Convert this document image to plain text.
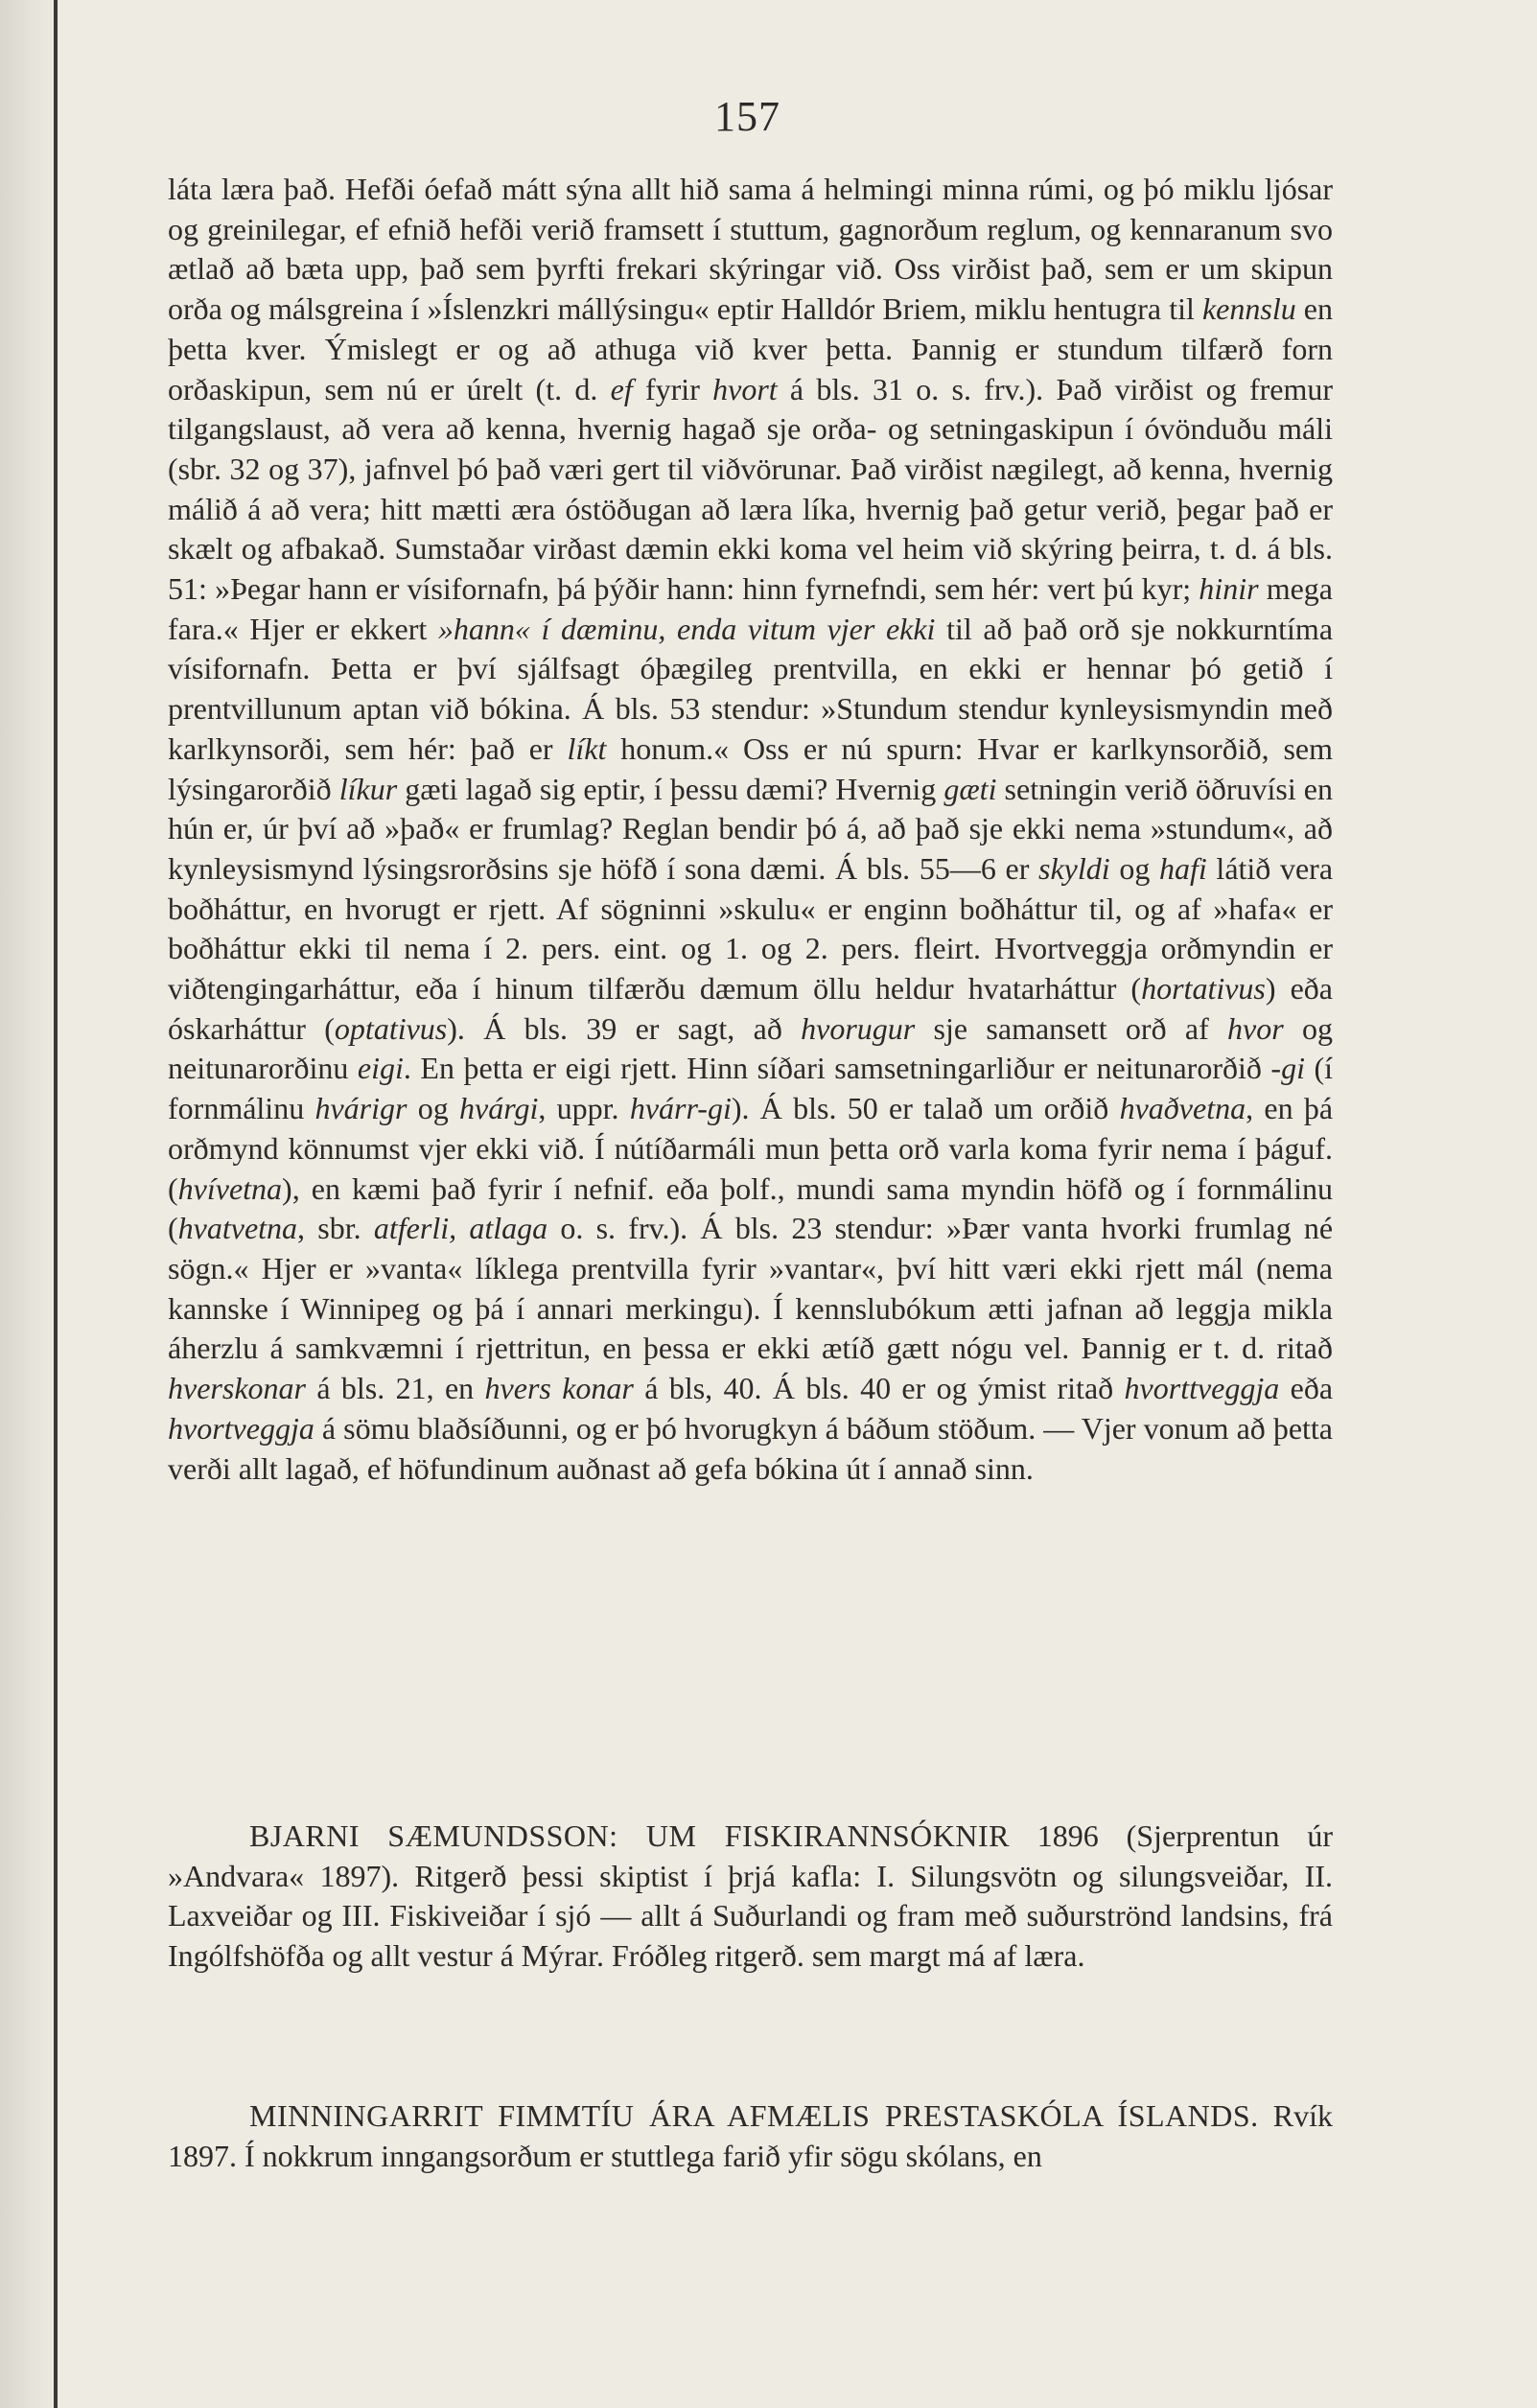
157

láta læra það. Hefði óefað mátt sýna allt hið sama á helmingi minna rúmi, og þó miklu ljósar og greinilegar, ef efnið hefði verið framsett í stuttum, gagnorðum reglum, og kennaranum svo ætlað að bæta upp, það sem þyrfti frekari skýringar við. Oss virðist það, sem er um skipun orða og málsgreina í »Íslenzkri mállýsingu« eptir Halldór Briem, miklu hentugra til kennslu en þetta kver. Ýmislegt er og að athuga við kver þetta. Þannig er stundum tilfærð forn orðaskipun, sem nú er úrelt (t. d. ef fyrir hvort á bls. 31 o. s. frv.). Það virðist og fremur tilgangslaust, að vera að kenna, hvernig hagað sje orða- og setningaskipun í óvönduðu máli (sbr. 32 og 37), jafnvel þó það væri gert til viðvörunar. Það virðist nægilegt, að kenna, hvernig málið á að vera; hitt mætti æra óstöðugan að læra líka, hvernig það getur verið, þegar það er skælt og afbakað. Sumstaðar virðast dæmin ekki koma vel heim við skýring þeirra, t. d. á bls. 51: »Þegar hann er vísifornafn, þá þýðir hann: hinn fyrnefndi, sem hér: vert þú kyr; hinir mega fara.« Hjer er ekkert »hann« í dæminu, enda vitum vjer ekki til að það orð sje nokkurntíma vísifornafn. Þetta er því sjálfsagt óþægileg prentvilla, en ekki er hennar þó getið í prentvillunum aptan við bókina. Á bls. 53 stendur: »Stundum stendur kynleysismyndin með karlkynsorði, sem hér: það er líkt honum.« Oss er nú spurn: Hvar er karlkynsorðið, sem lýsingarorðið líkur gæti lagað sig eptir, í þessu dæmi? Hvernig gæti setningin verið öðruvísi en hún er, úr því að »það« er frumlag? Reglan bendir þó á, að það sje ekki nema »stundum«, að kynleysismynd lýsingsrorðsins sje höfð í sona dæmi. Á bls. 55—6 er skyldi og hafi látið vera boðháttur, en hvorugt er rjett. Af sögninni »skulu« er enginn boðháttur til, og af »hafa« er boðháttur ekki til nema í 2. pers. eint. og 1. og 2. pers. fleirt. Hvortveggja orðmyndin er viðtengingarháttur, eða í hinum tilfærðu dæmum öllu heldur hvatarháttur (hortativus) eða óskarháttur (optativus). Á bls. 39 er sagt, að hvorugur sje samansett orð af hvor og neitunarorðinu eigi. En þetta er eigi rjett. Hinn síðari samsetningarliður er neitunarorðið -gi (í fornmálinu hvárigr og hvárgi, uppr. hvárr-gi). Á bls. 50 er talað um orðið hvaðvetna, en þá orðmynd könnumst vjer ekki við. Í nútíðarmáli mun þetta orð varla koma fyrir nema í þáguf. (hvívetna), en kæmi það fyrir í nefnif. eða þolf., mundi sama myndin höfð og í fornmálinu (hvatvetna, sbr. atferli, atlaga o. s. frv.). Á bls. 23 stendur: »Þær vanta hvorki frumlag né sögn.« Hjer er »vanta« líklega prentvilla fyrir »vantar«, því hitt væri ekki rjett mál (nema kannske í Winnipeg og þá í annari merkingu). Í kennslubókum ætti jafnan að leggja mikla áherzlu á samkvæmni í rjettritun, en þessa er ekki ætíð gætt nógu vel. Þannig er t. d. ritað hverskonar á bls. 21, en hvers konar á bls, 40. Á bls. 40 er og ýmist ritað hvorttveggja eða hvortveggja á sömu blaðsíðunni, og er þó hvorugkyn á báðum stöðum. — Vjer vonum að þetta verði allt lagað, ef höfundinum auðnast að gefa bókina út í annað sinn.

BJARNI SÆMUNDSSON: UM FISKIRANNSÓKNIR 1896 (Sjerprentun úr »Andvara« 1897). Ritgerð þessi skiptist í þrjá kafla: I. Silungsvötn og silungsveiðar, II. Laxveiðar og III. Fiskiveiðar í sjó — allt á Suðurlandi og fram með suðurströnd landsins, frá Ingólfshöfða og allt vestur á Mýrar. Fróðleg ritgerð. sem margt má af læra.

MINNINGARRIT FIMMTÍU ÁRA AFMÆLIS PRESTASKÓLA ÍSLANDS. Rvík 1897. Í nokkrum inngangsorðum er stuttlega farið yfir sögu skólans, en
